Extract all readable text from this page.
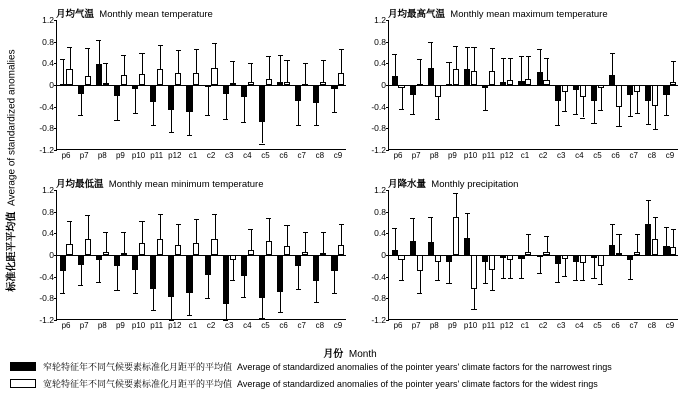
标准化距平平均值  Average of standardized anomalies
月份 Month
月均气温 Monthly mean temperature
-1.2
-0.8
-0.4
0
0.4
0.8
1.2
p6 p7 p8 p9 p10 p11 p12 c1 c2 c3 c4 c5 c6 c7 c8 c9
月均最高气温 Monthly mean maximum temperature
-1.2
-0.8
-0.4
0
0.4
0.8
1.2
p6 p7 p8 p9 p10 p11 p12 c1 c2 c3 c4 c5 c6 c7 c8 c9
月均最低温 Monthly mean minimum temperature
-1.2
-0.8
-0.4
0
0.4
0.8
1.2
p6 p7 p8 p9 p10 p11 p12 c1 c2 c3 c4 c5 c6 c7 c8 c9
月降水量 Monthly precipitation
-1.2
-0.8
-0.4
0
0.4
0.8
1.2
p6 p7 p8 p9 p10 p11 p12 c1 c2 c3 c4 c5 c6 c7 c8 c9
窄轮特征年不同气候要素标准化月距平的平均值 Average of standardized anomalies of the pointer years' climate factors for the narrowest rings
宽轮特征年不同气候要素标准化月距平的平均值 Average of standardized anomalies of the pointer years' climate factors for the widest rings
